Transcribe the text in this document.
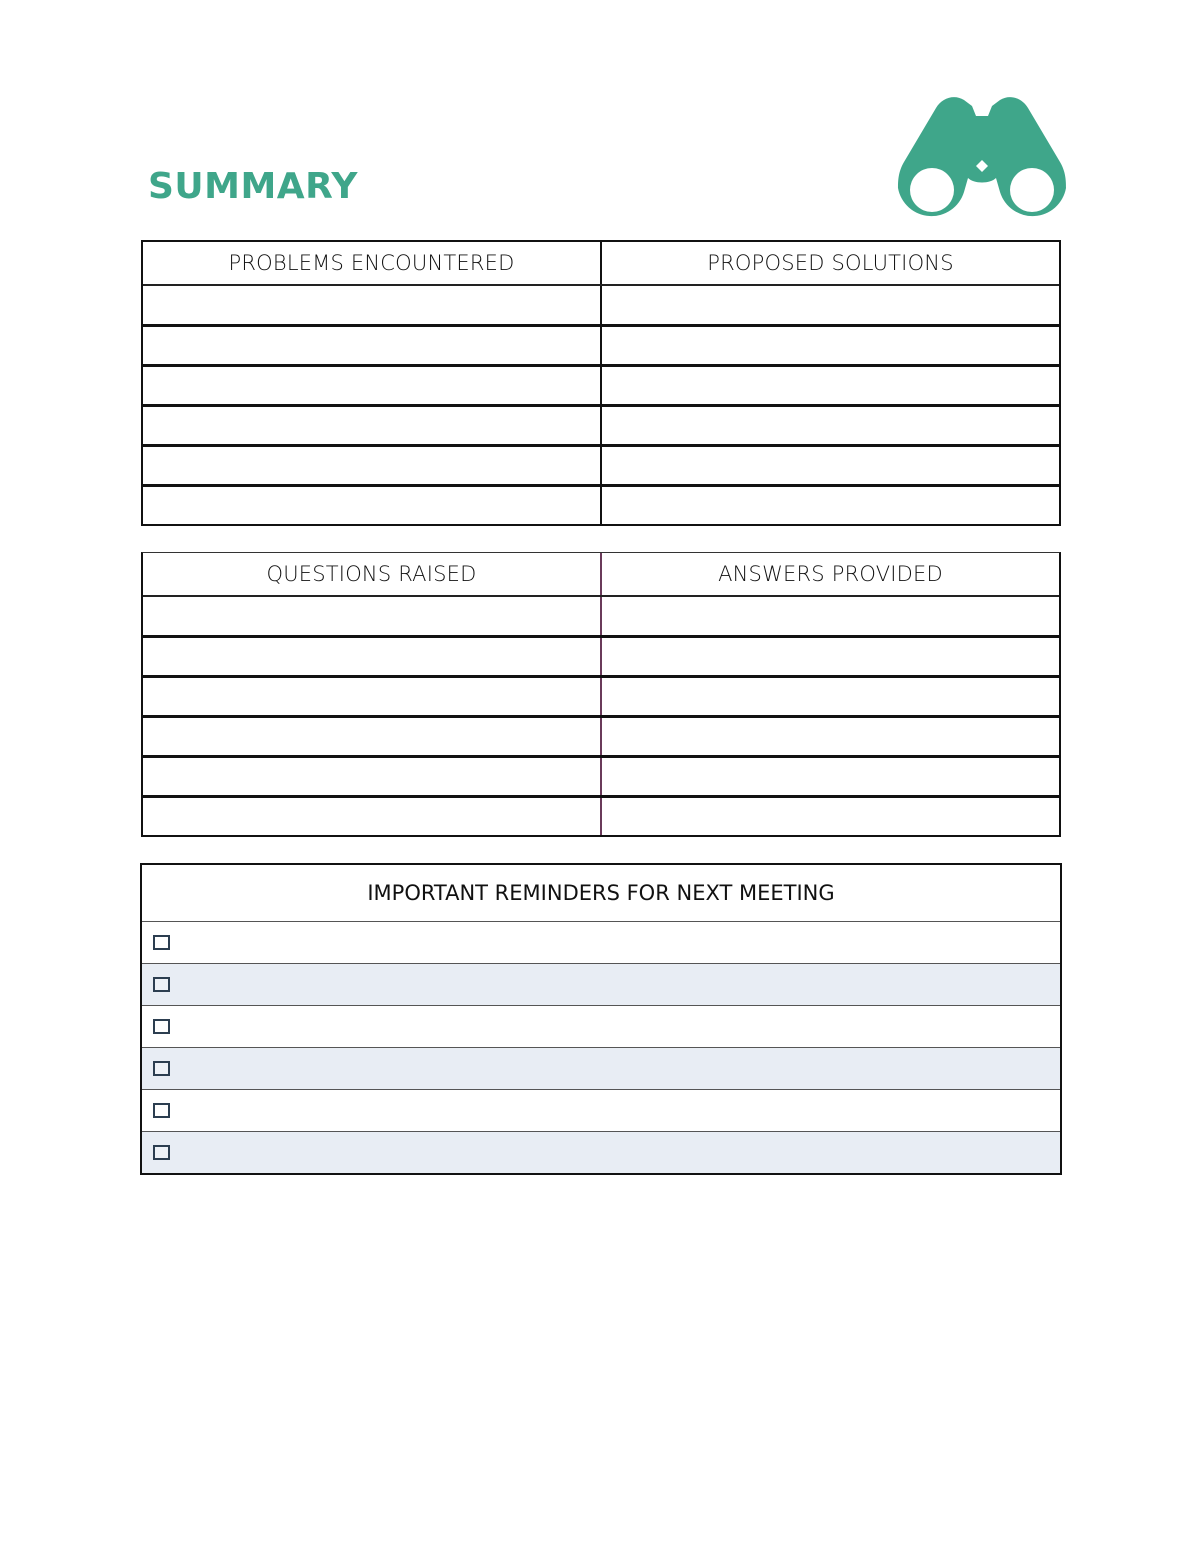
SUMMARY
PROBLEMS ENCOUNTERED	PROPOSED SOLUTIONS
QUESTIONS RAISED	ANSWERS PROVIDED
IMPORTANT REMINDERS FOR NEXT MEETING
